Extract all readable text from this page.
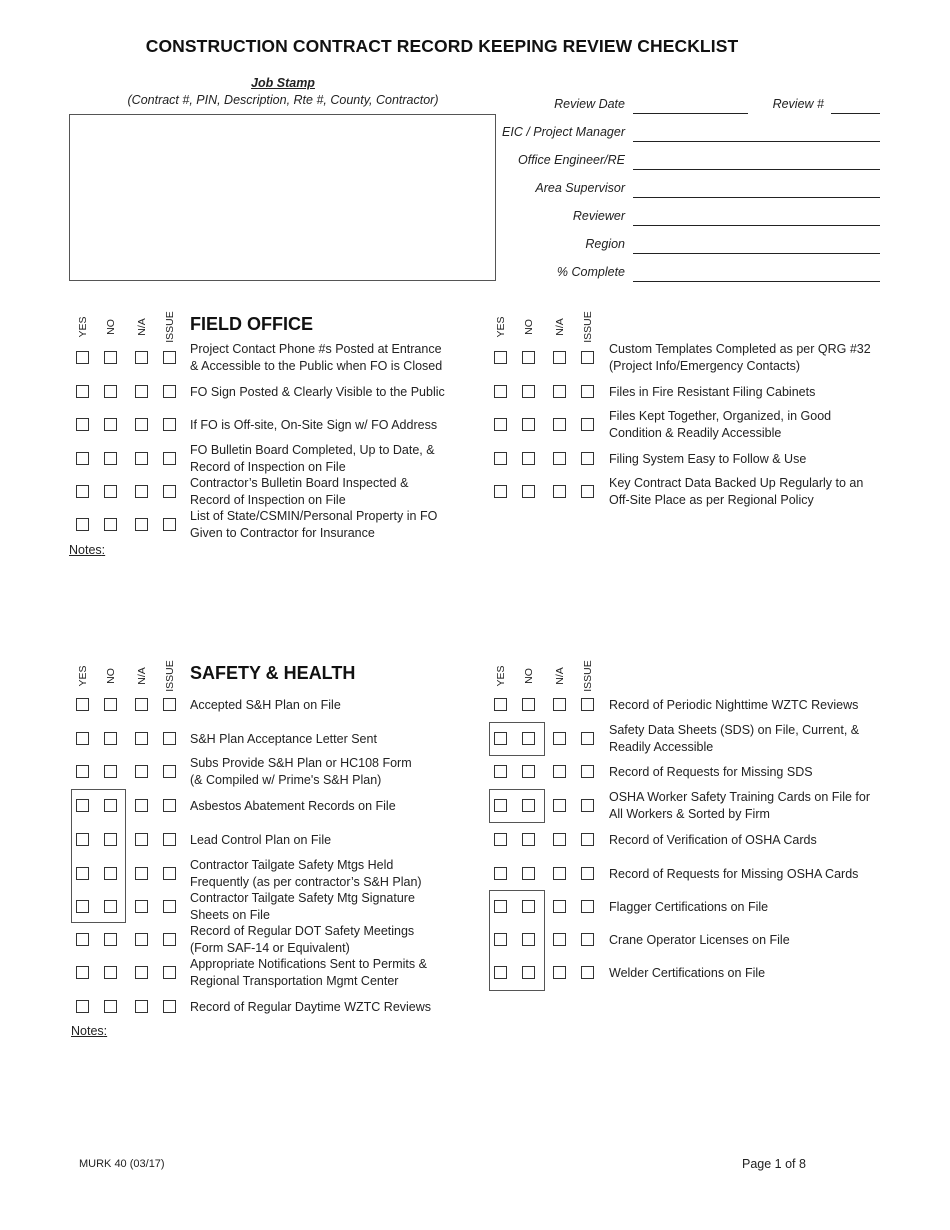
CONSTRUCTION CONTRACT RECORD KEEPING REVIEW CHECKLIST
Job Stamp
(Contract #, PIN, Description, Rte #, County, Contractor)	Review Date	Review #
EIC / Project Manager
Office Engineer/RE
Area Supervisor
Reviewer
Region
% Complete
FIELD OFFICE
Notes:
SAFETY & HEALTH
Notes:
MURK 40 (03/17)	Page 1 of 8
YES NO N/A ISSUE
Project Contact Phone #s Posted at Entrance
& Accessible to the Public when FO is Closed
FO Sign Posted & Clearly Visible to the Public
If FO is Off-site, On-Site Sign w/ FO Address
FO Bulletin Board Completed, Up to Date, &
Record of Inspection on File
Contractor’s Bulletin Board Inspected &
Record of Inspection on File
List of State/CSMIN/Personal Property in FO
Given to Contractor for Insurance
YES NO N/A ISSUE
Custom Templates Completed as per QRG #32
(Project Info/Emergency Contacts)
Files in Fire Resistant Filing Cabinets
Files Kept Together, Organized, in Good
Condition & Readily Accessible
Filing System Easy to Follow & Use
Key Contract Data Backed Up Regularly to an
Off-Site Place as per Regional Policy
YES NO N/A ISSUE
Accepted S&H Plan on File
S&H Plan Acceptance Letter Sent
Subs Provide S&H Plan or HC108 Form
(& Compiled w/ Prime's S&H Plan)
Asbestos Abatement Records on File
Lead Control Plan on File
Contractor Tailgate Safety Mtgs Held
Frequently (as per contractor’s S&H Plan)
Contractor Tailgate Safety Mtg Signature
Sheets on File
Record of Regular DOT Safety Meetings
(Form SAF-14 or Equivalent)
Appropriate Notifications Sent to Permits &
Regional Transportation Mgmt Center
Record of Regular Daytime WZTC Reviews
YES NO N/A ISSUE
Record of Periodic Nighttime WZTC Reviews
Safety Data Sheets (SDS) on File, Current, &
Readily Accessible
Record of Requests for Missing SDS
OSHA Worker Safety Training Cards on File for
All Workers & Sorted by Firm
Record of Verification of OSHA Cards
Record of Requests for Missing OSHA Cards
Flagger Certifications on File
Crane Operator Licenses on File
Welder Certifications on File
